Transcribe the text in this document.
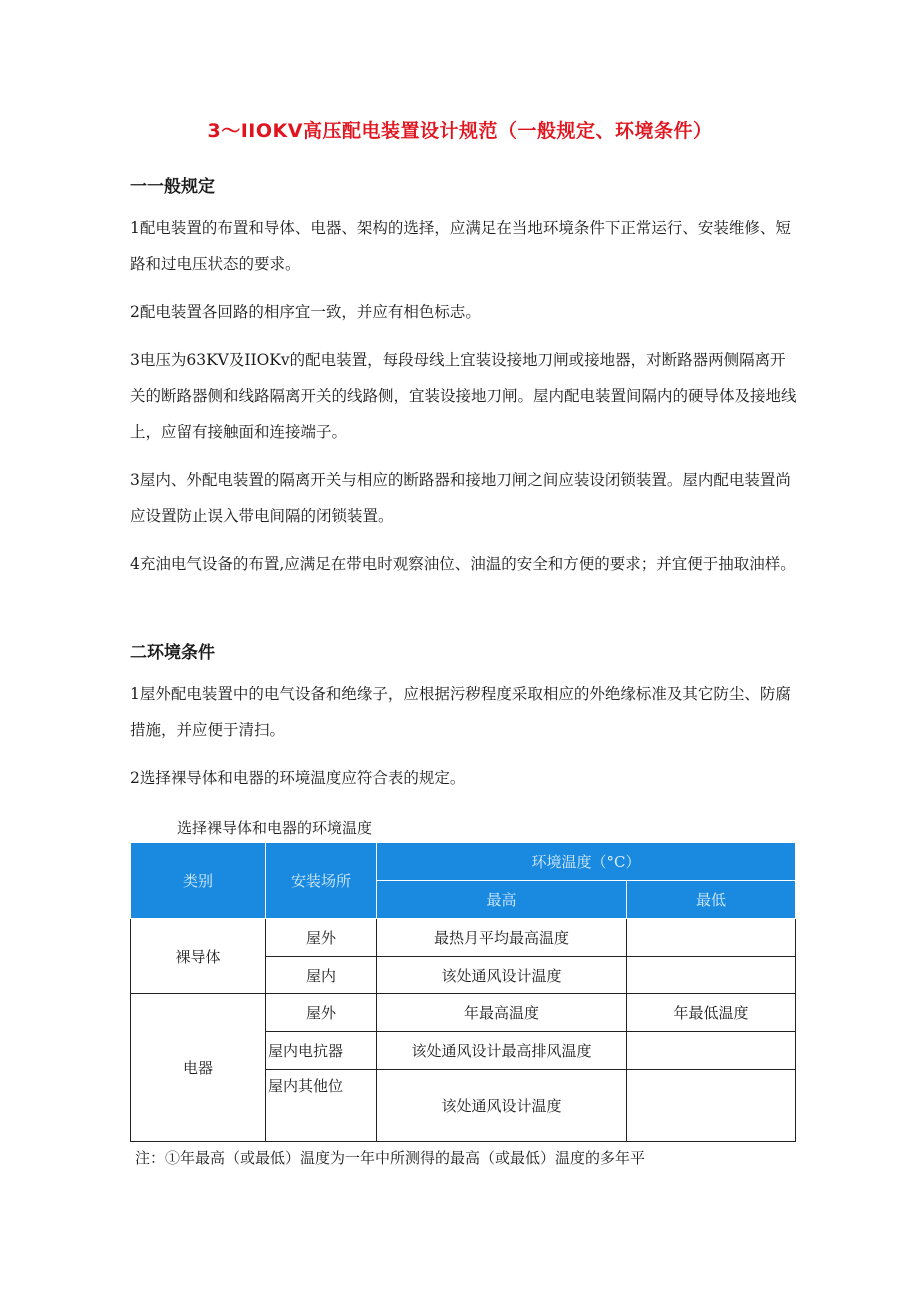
3～IIOKV高压配电装置设计规范（一般规定、环境条件）
一一般规定
1配电装置的布置和导体、电器、架构的选择，应满足在当地环境条件下正常运行、安装维修、短路和过电压状态的要求。
2配电装置各回路的相序宜一致，并应有相色标志。
3电压为63KV及IIOKv的配电装置，每段母线上宜装设接地刀闸或接地器，对断路器两侧隔离开关的断路器侧和线路隔离开关的线路侧，宜装设接地刀闸。屋内配电装置间隔内的硬导体及接地线上，应留有接触面和连接端子。
3屋内、外配电装置的隔离开关与相应的断路器和接地刀闸之间应装设闭锁装置。屋内配电装置尚应设置防止误入带电间隔的闭锁装置。
4充油电气设备的布置,应满足在带电时观察油位、油温的安全和方便的要求；并宜便于抽取油样。
二环境条件
1屋外配电装置中的电气设备和绝缘子，应根据污秽程度采取相应的外绝缘标准及其它防尘、防腐措施，并应便于清扫。
2选择裸导体和电器的环境温度应符合表的规定。
选择裸导体和电器的环境温度
类别	安装场所	环境温度（°C）	
		最高	最低
裸导体	屋外	最热月平均最高温度	
	屋内	该处通风设计温度	
电器	屋外	年最高温度	年最低温度
	屋内电抗器	该处通风设计最高排风温度	
	屋内其他位	该处通风设计温度	
注：①年最高（或最低）温度为一年中所测得的最高（或最低）温度的多年平
